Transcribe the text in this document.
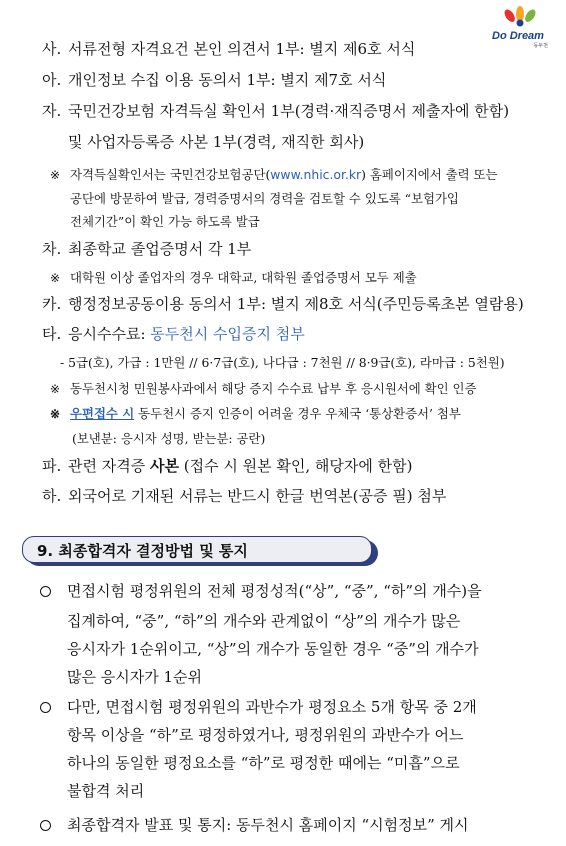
Do Dream
동두천
사. 서류전형 자격요건 본인 의견서 1부: 별지 제6호 서식
아. 개인정보 수집 이용 동의서 1부: 별지 제7호 서식
자. 국민건강보험 자격득실 확인서 1부(경력·재직증명서 제출자에 한함)
및 사업자등록증 사본 1부(경력, 재직한 회사)
※ 자격득실확인서는 국민건강보험공단(www.nhic.or.kr) 홈페이지에서 출력 또는
공단에 방문하여 발급, 경력증명서의 경력을 검토할 수 있도록 “보험가입
전체기간”이 확인 가능 하도록 발급
차. 최종학교 졸업증명서 각 1부
※ 대학원 이상 졸업자의 경우 대학교, 대학원 졸업증명서 모두 제출
카. 행정정보공동이용 동의서 1부: 별지 제8호 서식(주민등록초본 열람용)
타. 응시수수료: 동두천시 수입증지 첨부
- 5급(호), 가급 : 1만원 // 6·7급(호), 나다급 : 7천원 // 8·9급(호), 라마급 : 5천원)
※ 동두천시청 민원봉사과에서 해당 증지 수수료 납부 후 응시원서에 확인 인증
※ 우편접수 시 동두천시 증지 인증이 어려울 경우 우체국 ‘통상환증서’ 첨부
(보낸분: 응시자 성명, 받는분: 공란)
파. 관련 자격증 사본 (접수 시 원본 확인, 해당자에 한함)
하. 외국어로 기재된 서류는 반드시 한글 번역본(공증 필) 첨부
9. 최종합격자 결정방법 및 통지
면접시험 평정위원의 전체 평정성적(“상”, “중”, “하”의 개수)을
집계하여, “중”, “하”의 개수와 관계없이 “상”의 개수가 많은
응시자가 1순위이고, “상”의 개수가 동일한 경우 “중”의 개수가
많은 응시자가 1순위
다만, 면접시험 평정위원의 과반수가 평정요소 5개 항목 중 2개
항목 이상을 “하”로 평정하였거나, 평정위원의 과반수가 어느
하나의 동일한 평정요소를 “하”로 평정한 때에는 “미흡”으로
불합격 처리
최종합격자 발표 및 통지: 동두천시 홈페이지 “시험정보” 게시
